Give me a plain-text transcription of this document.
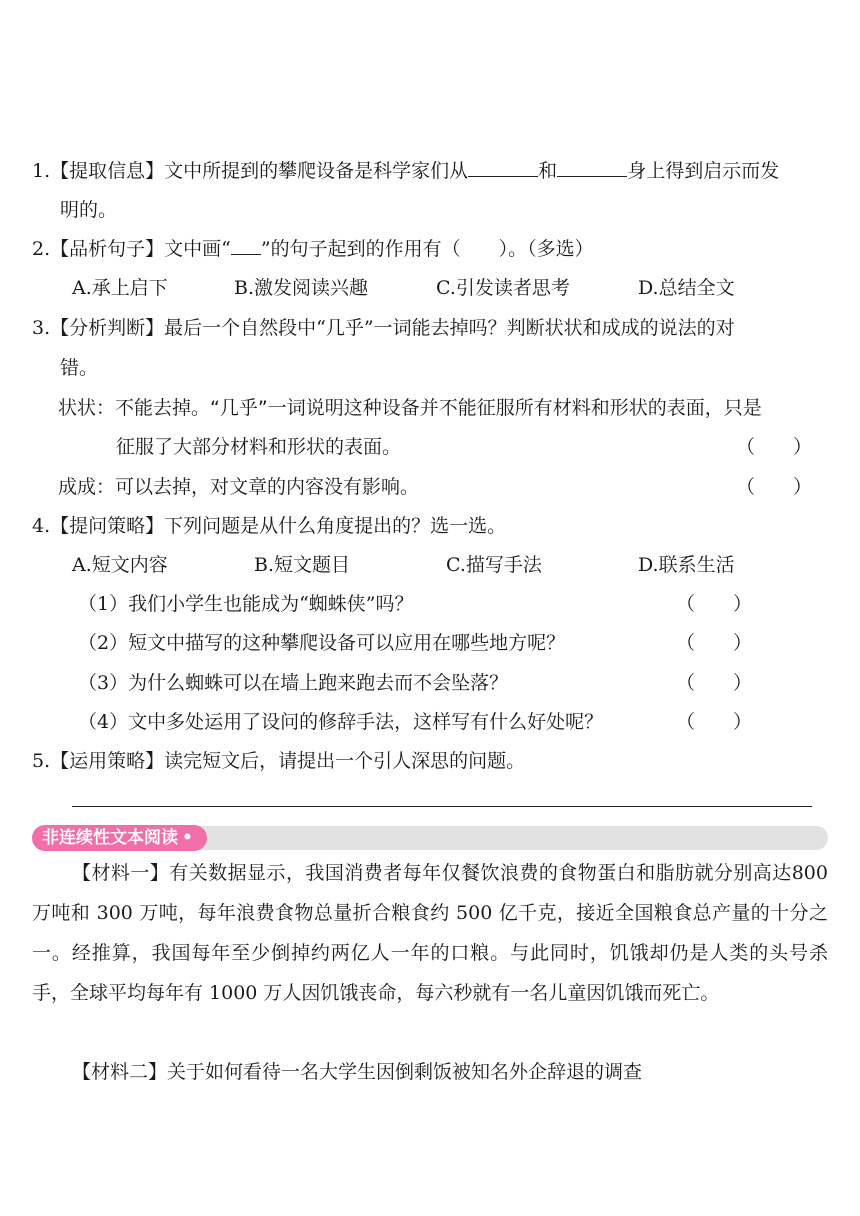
1.【提取信息】文中所提到的攀爬设备是科学家们从	和	身上得到启示而发
明的。
2.【品析句子】文中画“ ”的句子起到的作用有（　　）。（多选）
A.承上启下	B.激发阅读兴趣	C.引发读者思考	D.总结全文
3.【分析判断】最后一个自然段中“几乎”一词能去掉吗？判断状状和成成的说法的对
错。
状状：不能去掉。“几乎”一词说明这种设备并不能征服所有材料和形状的表面，只是
征服了大部分材料和形状的表面。	（　　）
成成：可以去掉，对文章的内容没有影响。	（　　）
4.【提问策略】下列问题是从什么角度提出的？选一选。
A.短文内容	B.短文题目	C.描写手法	D.联系生活
（1）我们小学生也能成为“蜘蛛侠”吗？	（　　）
（2）短文中描写的这种攀爬设备可以应用在哪些地方呢？	（　　）
（3）为什么蜘蛛可以在墙上跑来跑去而不会坠落？	（　　）
（4）文中多处运用了设问的修辞手法，这样写有什么好处呢？	（　　）
5.【运用策略】读完短文后，请提出一个引人深思的问题。
非连续性文本阅读 •
【材料一】有关数据显示，我国消费者每年仅餐饮浪费的食物蛋白和脂肪就分别高达800 万吨和 300 万吨，每年浪费食物总量折合粮食约 500 亿千克，接近全国粮食总产量的十分之一。经推算，我国每年至少倒掉约两亿人一年的口粮。与此同时，饥饿却仍是人类的头号杀手，全球平均每年有 1000 万人因饥饿丧命，每六秒就有一名儿童因饥饿而死亡。
【材料二】关于如何看待一名大学生因倒剩饭被知名外企辞退的调查
